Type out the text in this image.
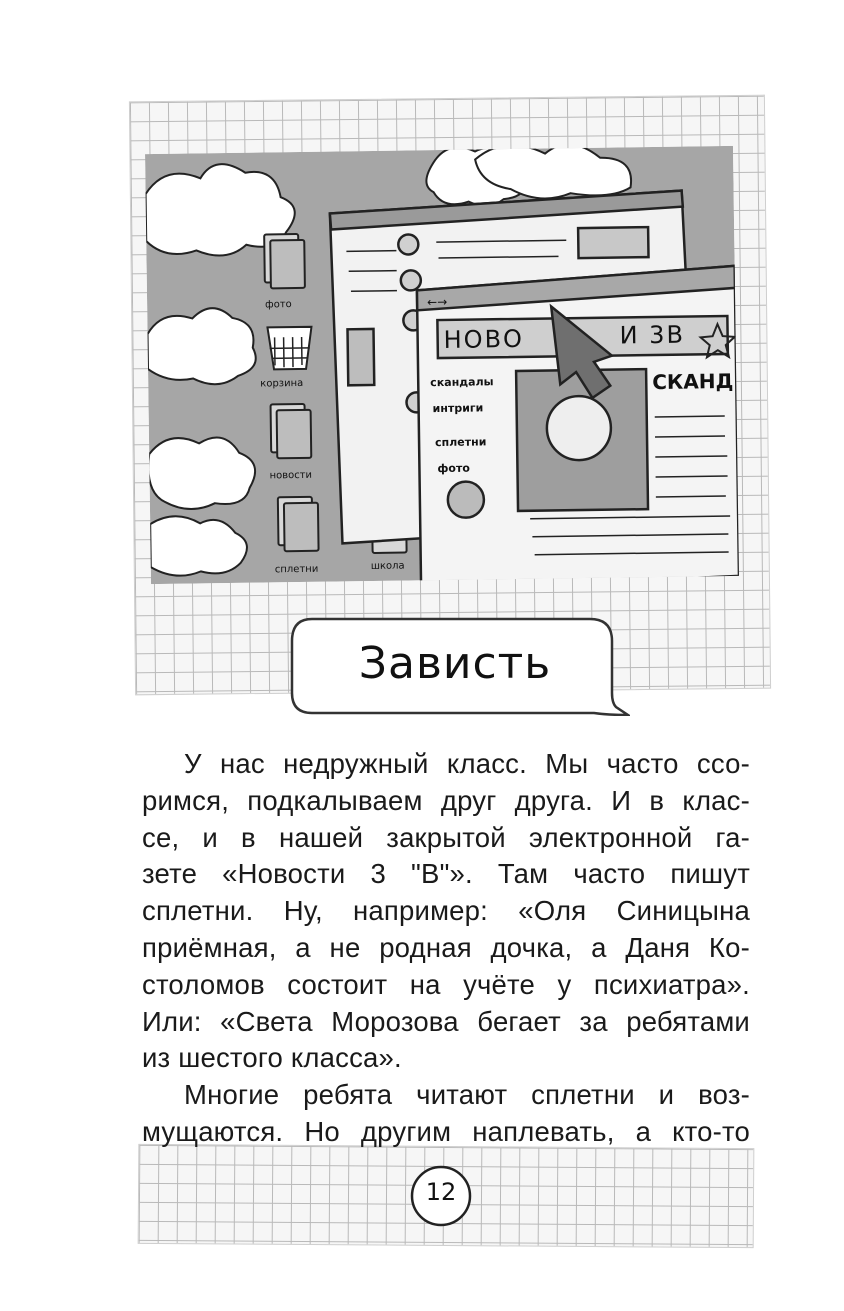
фото
корзина
новости
сплетни	школа
←→
НОВО	И 3В
СКАНД
скандалы
интриги
сплетни
фото
Зависть

У нас недружный класс. Мы часто ссо-
римся, подкалываем друг друга. И в клас-
се, и в нашей закрытой электронной га-
зете «Новости 3 "В"». Там часто пишут
сплетни. Ну, например: «Оля Синицына
приёмная, а не родная дочка, а Даня Ко-
столомов состоит на учёте у психиатра».
Или: «Света Морозова бегает за ребятами
из шестого класса».

Многие ребята читают сплетни и воз-
мущаются. Но другим наплевать, а кто-то

12
